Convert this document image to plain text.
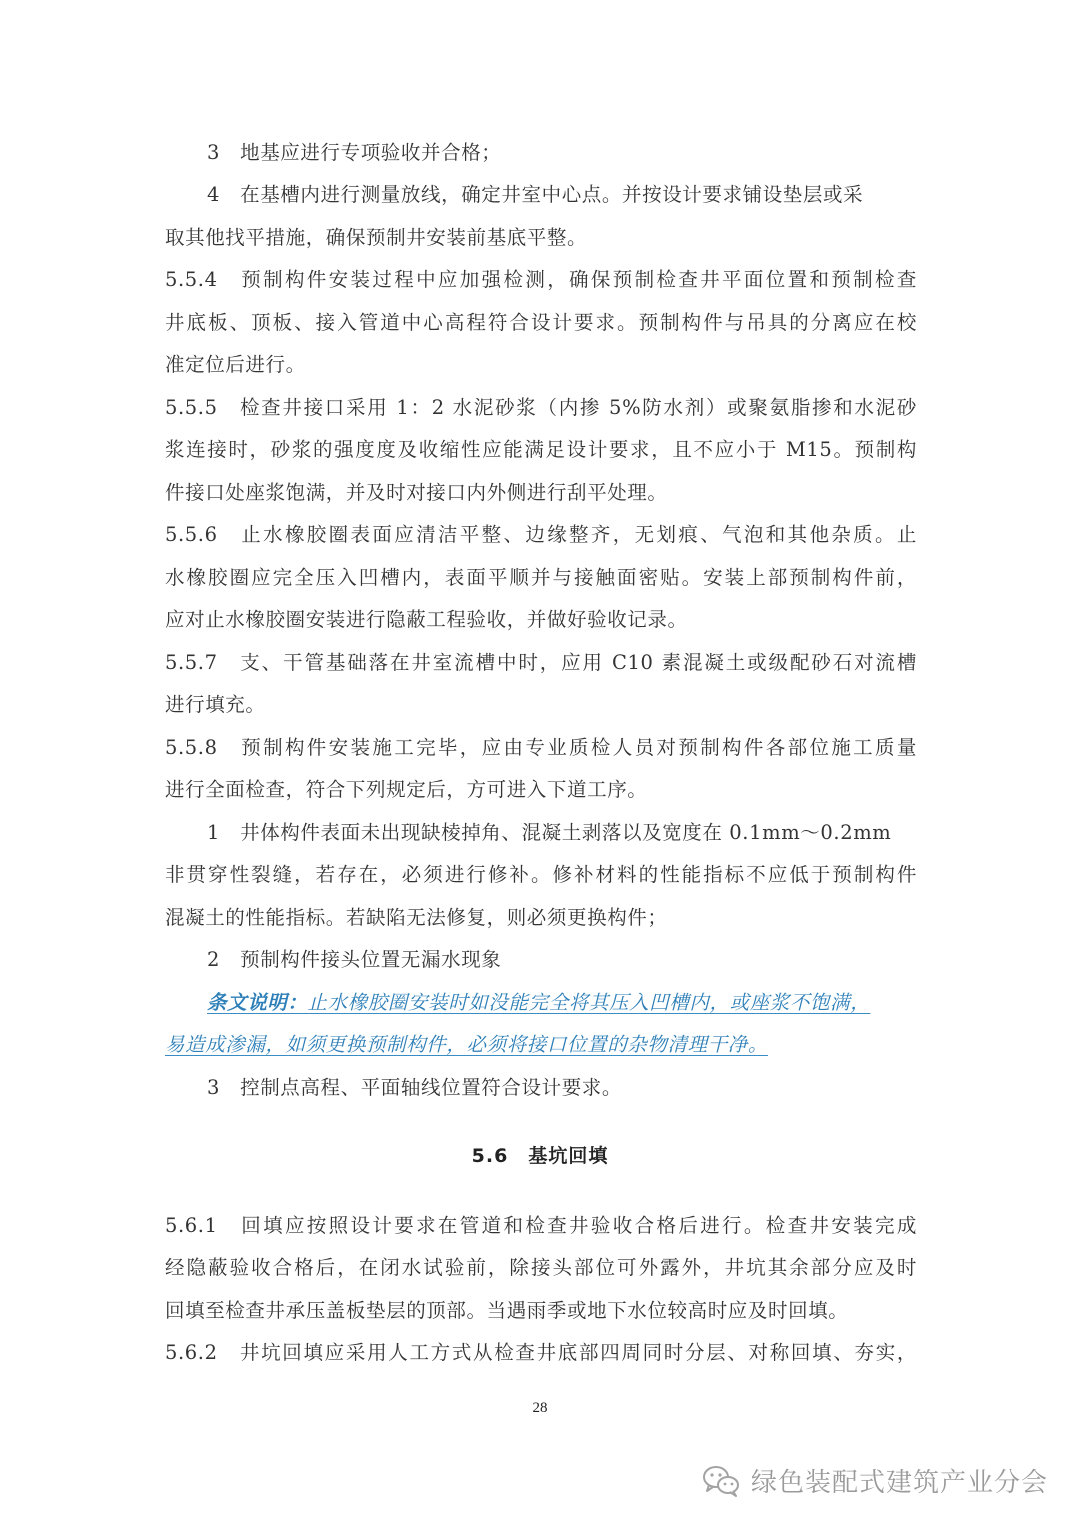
3　地基应进行专项验收并合格；
4　在基槽内进行测量放线，确定井室中心点。并按设计要求铺设垫层或采
取其他找平措施，确保预制井安装前基底平整。
5.5.4　预制构件安装过程中应加强检测，确保预制检查井平面位置和预制检查
井底板、顶板、接入管道中心高程符合设计要求。预制构件与吊具的分离应在校
准定位后进行。
5.5.5　检查井接口采用 1：2 水泥砂浆（内掺 5%防水剂）或聚氨脂掺和水泥砂
浆连接时，砂浆的强度度及收缩性应能满足设计要求，且不应小于 M15。预制构
件接口处座浆饱满，并及时对接口内外侧进行刮平处理。
5.5.6　止水橡胶圈表面应清洁平整、边缘整齐，无划痕、气泡和其他杂质。止
水橡胶圈应完全压入凹槽内，表面平顺并与接触面密贴。安装上部预制构件前，
应对止水橡胶圈安装进行隐蔽工程验收，并做好验收记录。
5.5.7　支、干管基础落在井室流槽中时，应用 C10 素混凝土或级配砂石对流槽
进行填充。
5.5.8　预制构件安装施工完毕，应由专业质检人员对预制构件各部位施工质量
进行全面检查，符合下列规定后，方可进入下道工序。
1　井体构件表面未出现缺棱掉角、混凝土剥落以及宽度在 0.1mm～0.2mm
非贯穿性裂缝，若存在，必须进行修补。修补材料的性能指标不应低于预制构件
混凝土的性能指标。若缺陷无法修复，则必须更换构件；
2　预制构件接头位置无漏水现象
条文说明：止水橡胶圈安装时如没能完全将其压入凹槽内，或座浆不饱满，
易造成渗漏，如须更换预制构件，必须将接口位置的杂物清理干净。
3　控制点高程、平面轴线位置符合设计要求。
5.6　基坑回填
5.6.1　回填应按照设计要求在管道和检查井验收合格后进行。检查井安装完成
经隐蔽验收合格后，在闭水试验前，除接头部位可外露外，井坑其余部分应及时
回填至检查井承压盖板垫层的顶部。当遇雨季或地下水位较高时应及时回填。
5.6.2　井坑回填应采用人工方式从检查井底部四周同时分层、对称回填、夯实，
28
绿色装配式建筑产业分会
